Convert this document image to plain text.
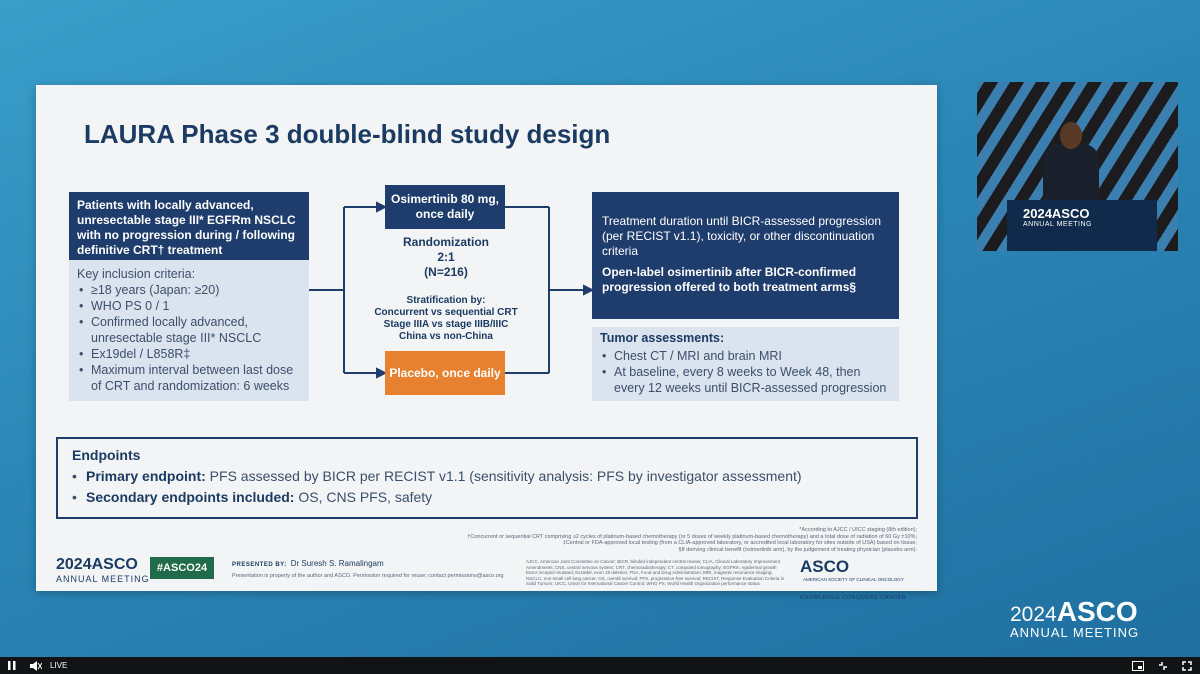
LAURA Phase 3 double-blind study design
Patients with locally advanced, unresectable stage III* EGFRm NSCLC with no progression during / following definitive CRT† treatment
Key inclusion criteria:
• ≥18 years (Japan: ≥20)
• WHO PS 0 / 1
• Confirmed locally advanced, unresectable stage III* NSCLC
• Ex19del / L858R‡
• Maximum interval between last dose of CRT and randomization: 6 weeks
Osimertinib 80 mg, once daily
Randomization
2:1
(N=216)
Stratification by:
Concurrent vs sequential CRT
Stage IIIA vs stage IIIB/IIIC
China vs non-China
Placebo, once daily
Treatment duration until BICR-assessed progression (per RECIST v1.1), toxicity, or other discontinuation criteria
Open-label osimertinib after BICR-confirmed progression offered to both treatment arms§
Tumor assessments:
• Chest CT / MRI and brain MRI
• At baseline, every 8 weeks to Week 48, then every 12 weeks until BICR-assessed progression
Endpoints
• Primary endpoint: PFS assessed by BICR per RECIST v1.1 (sensitivity analysis: PFS by investigator assessment)
• Secondary endpoints included: OS, CNS PFS, safety
*According to AJCC / UICC staging (8th edition);
†Concurrent or sequential CRT comprising ≥2 cycles of platinum-based chemotherapy (or 5 doses of weekly platinum-based chemotherapy) and a total dose of radiation of 60 Gy ±10%;
‡Central or FDA-approved local testing (from a CLIA-approved laboratory, or accredited local laboratory for sites outside of USA) based on tissue;
§If deriving clinical benefit (osimertinib arm), by the judgement of treating physician (placebo arm).
AJCC, American Joint Committee on Cancer; BICR, blinded independent central review; CLIA, Clinical Laboratory Improvement Amendments; CNS, central nervous system; CRT, chemoradiotherapy; CT, computed tomography; EGFRm, epidermal growth factor receptor-mutated; Ex19del, exon 19 deletion; FDA, Food and Drug Administration; MRI, magnetic resonance imaging; NSCLC, non-small cell lung cancer; OS, overall survival; PFS, progression-free survival; RECIST, Response Evaluation Criteria in Solid Tumors; UICC, Union for International Cancer Control; WHO PS, World Health Organization performance status
2024ASCO
ANNUAL MEETING
#ASCO24	PRESENTED BY: Dr Suresh S. Ramalingam
Presentation is property of the author and ASCO. Permission required for reuse; contact permissions@asco.org	ASCOAMERICAN SOCIETY OF CLINICAL ONCOLOGY
KNOWLEDGE CONQUERS CANCER
2024ASCO
ANNUAL MEETING
2024ASCO
ANNUAL MEETING
LIVE
